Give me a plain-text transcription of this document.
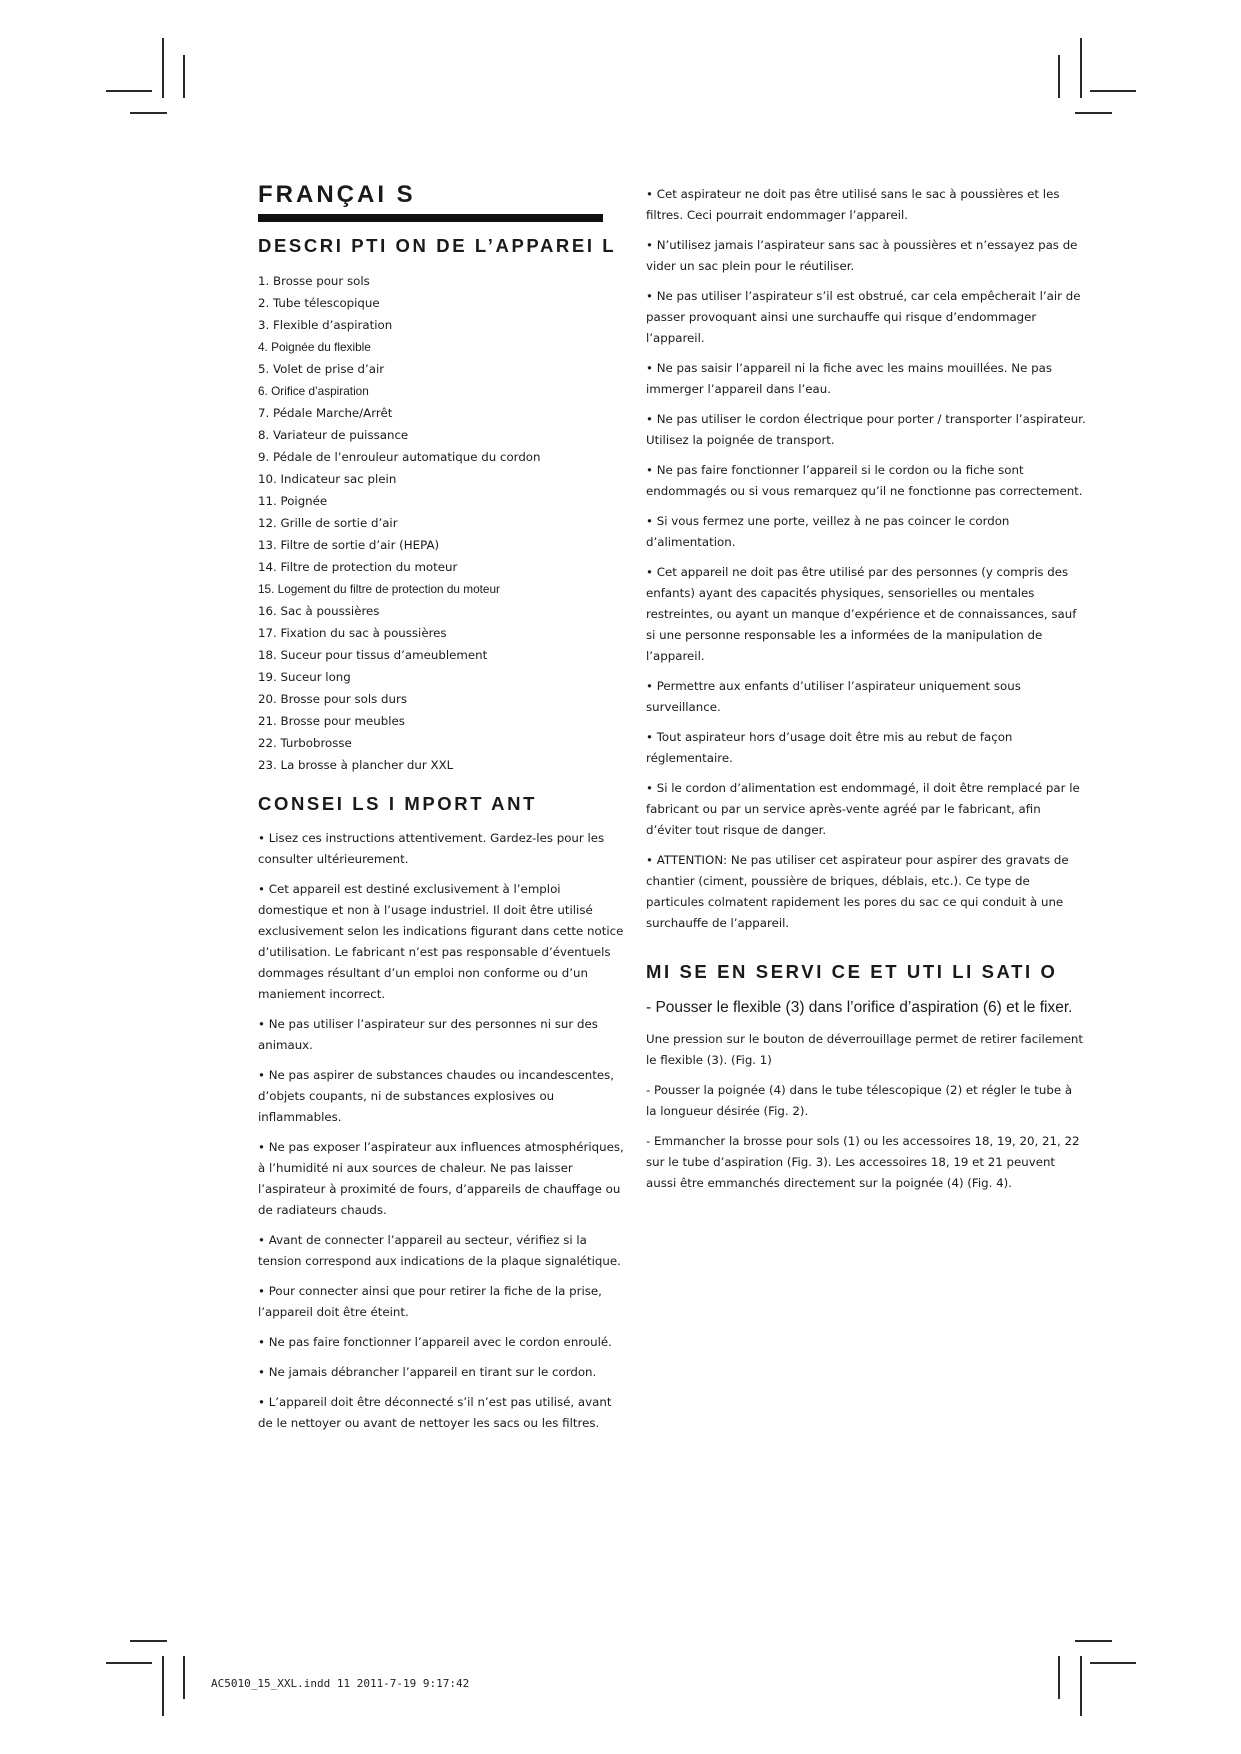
FRANÇAI S
DESCRI PTI ON DE L’APPAREI L
1. Brosse pour sols
2. Tube télescopique
3. Flexible d’aspiration
4. Poignée du flexible
5. Volet de prise d’air
6. Orifice d’aspiration
7. Pédale Marche/Arrêt
8. Variateur de puissance
9. Pédale de l’enrouleur automatique du cordon
10. Indicateur sac plein
11. Poignée
12. Grille de sortie d’air
13. Filtre de sortie d’air (HEPA)
14. Filtre de protection du moteur
15. Logement du filtre de protection du moteur
16. Sac à poussières
17. Fixation du sac à poussières
18. Suceur pour tissus d’ameublement
19. Suceur long
20. Brosse pour sols durs
21. Brosse pour meubles
22. Turbobrosse
23. La brosse à plancher dur XXL
CONSEI LS I MPORT ANT

• Lisez ces instructions attentivement. Gardez-les pour les consulter ultérieurement.

• Cet appareil est destiné exclusivement à l’emploi domestique et non à l’usage industriel. Il doit être utilisé exclusivement selon les indications figurant dans cette notice d’utilisation. Le fabricant n’est pas responsable d’éventuels dommages résultant d’un emploi non conforme ou d’un maniement incorrect.

• Ne pas utiliser l’aspirateur sur des personnes ni sur des animaux.

• Ne pas aspirer de substances chaudes ou incandescentes, d’objets coupants, ni de substances explosives ou inflammables.

• Ne pas exposer l’aspirateur aux influences atmosphériques, à l’humidité ni aux sources de chaleur. Ne pas laisser l’aspirateur à proximité de fours, d’appareils de chauffage ou de radiateurs chauds.

• Avant de connecter l’appareil au secteur, vérifiez si la tension correspond aux indications de la plaque signalétique.

• Pour connecter ainsi que pour retirer la fiche de la prise, l’appareil doit être éteint.

• Ne pas faire fonctionner l’appareil avec le cordon enroulé.

• Ne jamais débrancher l’appareil en tirant sur le cordon.

• L’appareil doit être déconnecté s’il n’est pas utilisé, avant de le nettoyer ou avant de nettoyer les sacs ou les filtres.

• Cet aspirateur ne doit pas être utilisé sans le sac à poussières et les filtres. Ceci pourrait endommager l’appareil.

• N’utilisez jamais l’aspirateur sans sac à poussières et n’essayez pas de vider un sac plein pour le réutiliser.

• Ne pas utiliser l’aspirateur s’il est obstrué, car cela empêcherait l’air de passer provoquant ainsi une surchauffe qui risque d’endommager l’appareil.

• Ne pas saisir l’appareil ni la fiche avec les mains mouillées. Ne pas immerger l’appareil dans l’eau.

• Ne pas utiliser le cordon électrique pour porter / transporter l’aspirateur. Utilisez la poignée de transport.

• Ne pas faire fonctionner l’appareil si le cordon ou la fiche sont endommagés ou si vous remarquez qu’il ne fonctionne pas correctement.

• Si vous fermez une porte, veillez à ne pas coincer le cordon d’alimentation.

• Cet appareil ne doit pas être utilisé par des personnes (y compris des enfants) ayant des capacités physiques, sensorielles ou mentales restreintes, ou ayant un manque d’expérience et de connaissances, sauf si une personne responsable les a informées de la manipulation de l’appareil.

• Permettre aux enfants d’utiliser l’aspirateur uniquement sous surveillance.

• Tout aspirateur hors d’usage doit être mis au rebut de façon réglementaire.

• Si le cordon d’alimentation est endommagé, il doit être remplacé par le fabricant ou par un service après-vente agréé par le fabricant, afin d’éviter tout risque de danger.

• ATTENTION: Ne pas utiliser cet aspirateur pour aspirer des gravats de chantier (ciment, poussière de briques, déblais, etc.). Ce type de particules colmatent rapidement les pores du sac ce qui conduit à une surchauffe de l’appareil.

MI SE EN SERVI CE ET UTI LI SATI O

- Pousser le flexible (3) dans l’orifice d’aspiration (6) et le fixer.

Une pression sur le bouton de déverrouillage permet de retirer facilement le flexible (3). (Fig. 1)

- Pousser la poignée (4) dans le tube télescopique (2) et régler le tube à la longueur désirée (Fig. 2).

- Emmancher la brosse pour sols (1) ou les accessoires 18, 19, 20, 21, 22 sur le tube d’aspiration (Fig. 3). Les accessoires 18, 19 et 21 peuvent aussi être emmanchés directement sur la poignée (4) (Fig. 4).

AC5010_15_XXL.indd 11 2011-7-19 9:17:42
